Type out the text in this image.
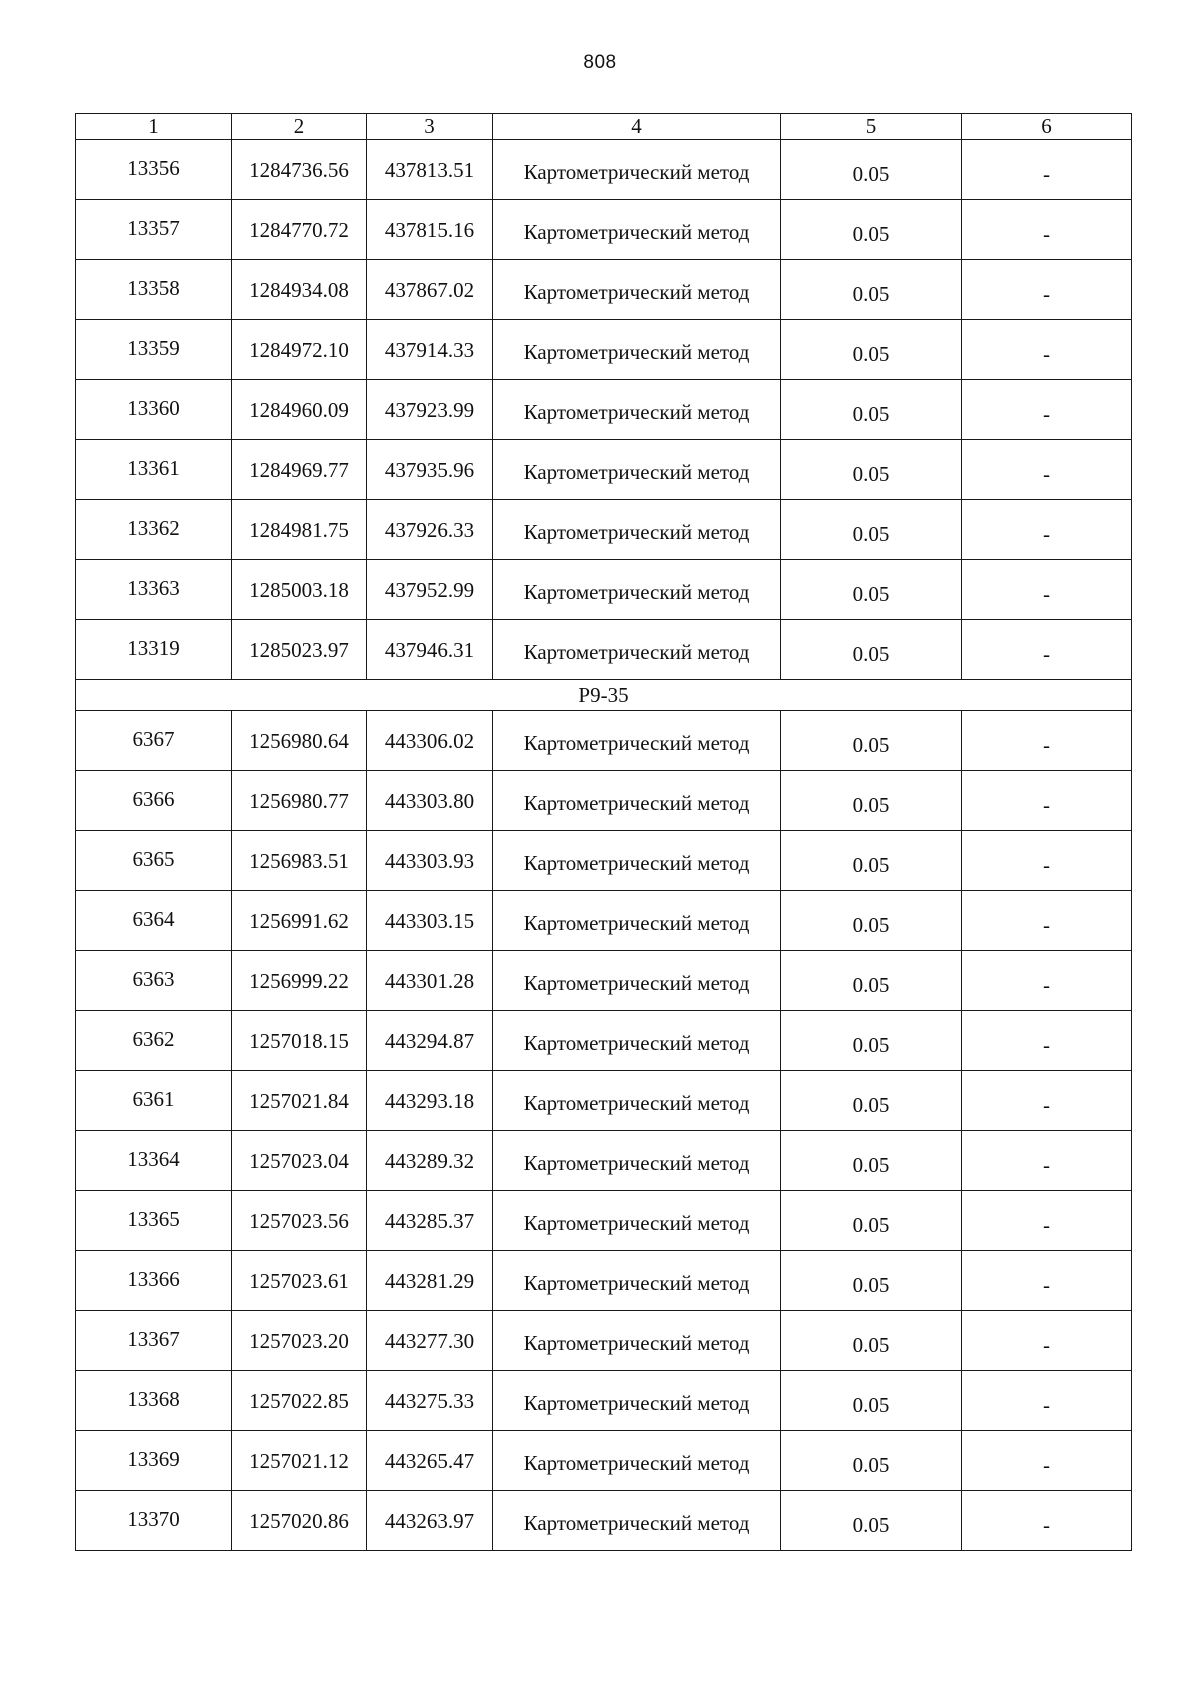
808
1	2	3	4	5	6
13356	1284736.56	437813.51	Картометрический метод	0.05	-
13357	1284770.72	437815.16	Картометрический метод	0.05	-
13358	1284934.08	437867.02	Картометрический метод	0.05	-
13359	1284972.10	437914.33	Картометрический метод	0.05	-
13360	1284960.09	437923.99	Картометрический метод	0.05	-
13361	1284969.77	437935.96	Картометрический метод	0.05	-
13362	1284981.75	437926.33	Картометрический метод	0.05	-
13363	1285003.18	437952.99	Картометрический метод	0.05	-
13319	1285023.97	437946.31	Картометрический метод	0.05	-
P9-35					
6367	1256980.64	443306.02	Картометрический метод	0.05	-
6366	1256980.77	443303.80	Картометрический метод	0.05	-
6365	1256983.51	443303.93	Картометрический метод	0.05	-
6364	1256991.62	443303.15	Картометрический метод	0.05	-
6363	1256999.22	443301.28	Картометрический метод	0.05	-
6362	1257018.15	443294.87	Картометрический метод	0.05	-
6361	1257021.84	443293.18	Картометрический метод	0.05	-
13364	1257023.04	443289.32	Картометрический метод	0.05	-
13365	1257023.56	443285.37	Картометрический метод	0.05	-
13366	1257023.61	443281.29	Картометрический метод	0.05	-
13367	1257023.20	443277.30	Картометрический метод	0.05	-
13368	1257022.85	443275.33	Картометрический метод	0.05	-
13369	1257021.12	443265.47	Картометрический метод	0.05	-
13370	1257020.86	443263.97	Картометрический метод	0.05	-
